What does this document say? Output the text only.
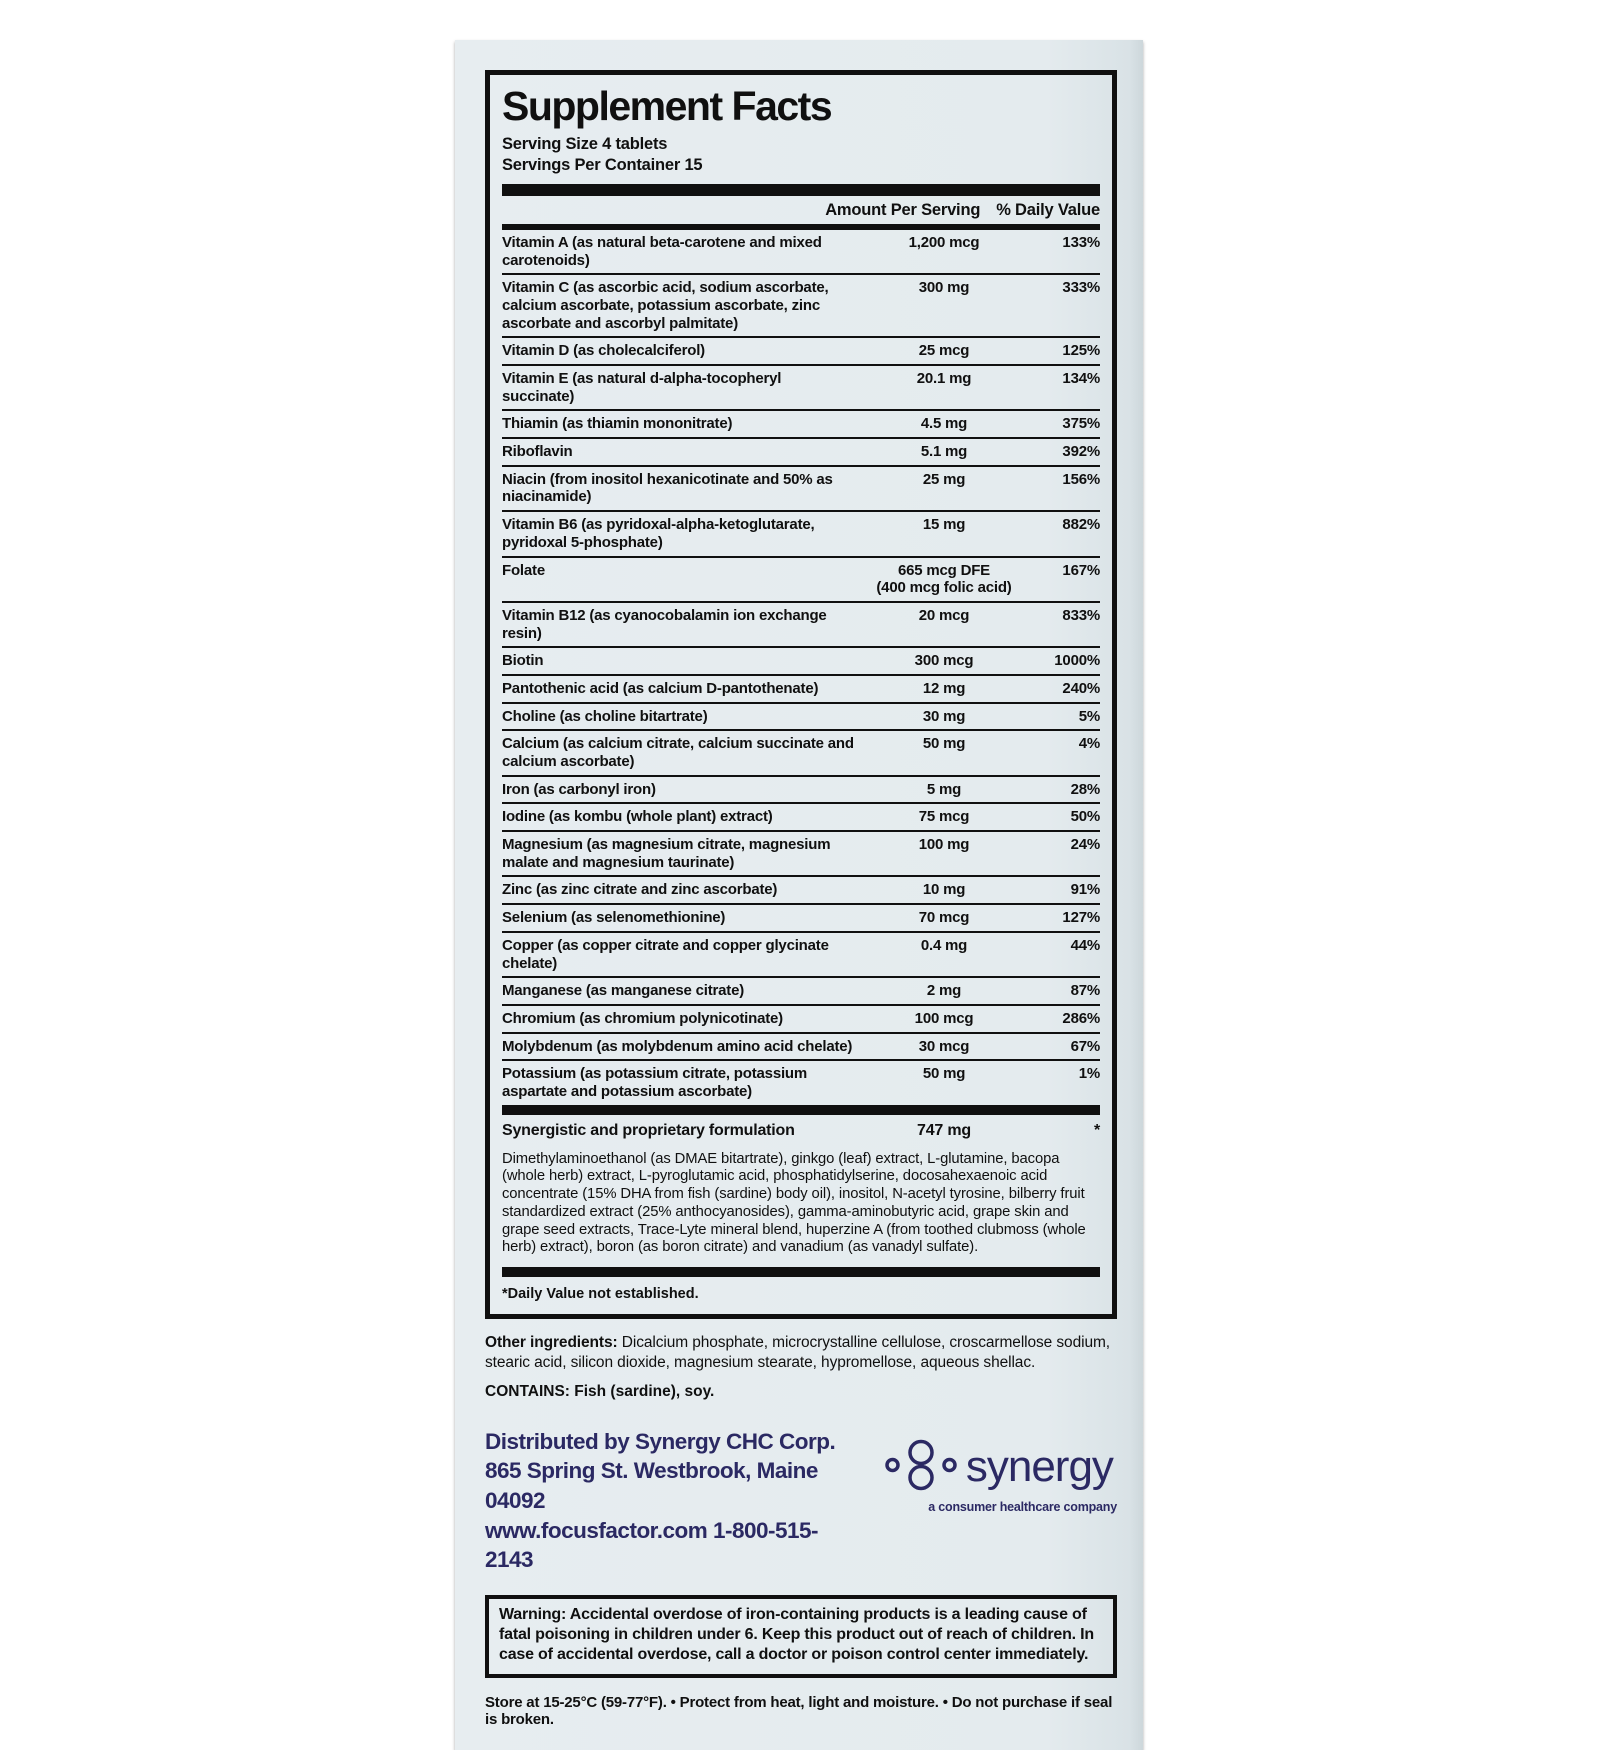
Supplement Facts
Serving Size 4 tablets
Servings Per Container 15
Amount Per Serving % Daily Value
Vitamin A (as natural beta-carotene and mixed carotenoids)
1,200 mcg	133%
Vitamin C (as ascorbic acid, sodium ascorbate, calcium ascorbate, potassium ascorbate, zinc ascorbate and ascorbyl palmitate)
300 mg	333%
Vitamin D (as cholecalciferol)	25 mcg	125%
Vitamin E (as natural d-alpha-tocopheryl succinate)
20.1 mg	134%
Thiamin (as thiamin mononitrate)	4.5 mg	375%
Riboflavin	5.1 mg	392%
Niacin (from inositol hexanicotinate and 50% as niacinamide)
25 mg	156%
Vitamin B6 (as pyridoxal-alpha-ketoglutarate, pyridoxal 5-phosphate)
15 mg	882%
Folate	665 mcg DFE
(400 mcg folic acid)
167%
Vitamin B12 (as cyanocobalamin ion exchange resin)
20 mcg	833%
Biotin	300 mcg	1000%
Pantothenic acid (as calcium D-pantothenate)	12 mg	240%
Choline (as choline bitartrate)	30 mg	5%
Calcium (as calcium citrate, calcium succinate and calcium ascorbate)
50 mg	4%
Iron (as carbonyl iron)	5 mg	28%
Iodine (as kombu (whole plant) extract)	75 mcg	50%
Magnesium (as magnesium citrate, magnesium malate and magnesium taurinate)
100 mg	24%
Zinc (as zinc citrate and zinc ascorbate)	10 mg	91%
Selenium (as selenomethionine)	70 mcg	127%
Copper (as copper citrate and copper glycinate chelate)
0.4 mg	44%
Manganese (as manganese citrate)	2 mg	87%
Chromium (as chromium polynicotinate)	100 mcg	286%
Molybdenum (as molybdenum amino acid chelate)	30 mcg	67%
Potassium (as potassium citrate, potassium aspartate and potassium ascorbate)
50 mg	1%
Synergistic and proprietary formulation	747 mg	*
Dimethylaminoethanol (as DMAE bitartrate), ginkgo (leaf) extract, L-glutamine, bacopa (whole herb) extract, L-pyroglutamic acid, phosphatidylserine, docosahexaenoic acid concentrate (15% DHA from fish (sardine) body oil), inositol, N-acetyl tyrosine, bilberry fruit standardized extract (25% anthocyanosides), gamma-aminobutyric acid, grape skin and grape seed extracts, Trace-Lyte mineral blend, huperzine A (from toothed clubmoss (whole herb) extract), boron (as boron citrate) and vanadium (as vanadyl sulfate).
*Daily Value not established.
Other ingredients: Dicalcium phosphate, microcrystalline cellulose, croscarmellose sodium, stearic acid, silicon dioxide, magnesium stearate, hypromellose, aqueous shellac.
CONTAINS: Fish (sardine), soy.
Distributed by Synergy CHC Corp.
865 Spring St. Westbrook, Maine 04092
www.focusfactor.com 1-800-515-2143
synergy
a consumer healthcare company
Warning: Accidental overdose of iron-containing products is a leading cause of fatal poisoning in children under 6. Keep this product out of reach of children. In case of accidental overdose, call a doctor or poison control center immediately.
Store at 15-25°C (59-77°F). • Protect from heat, light and moisture. • Do not purchase if seal is broken.
